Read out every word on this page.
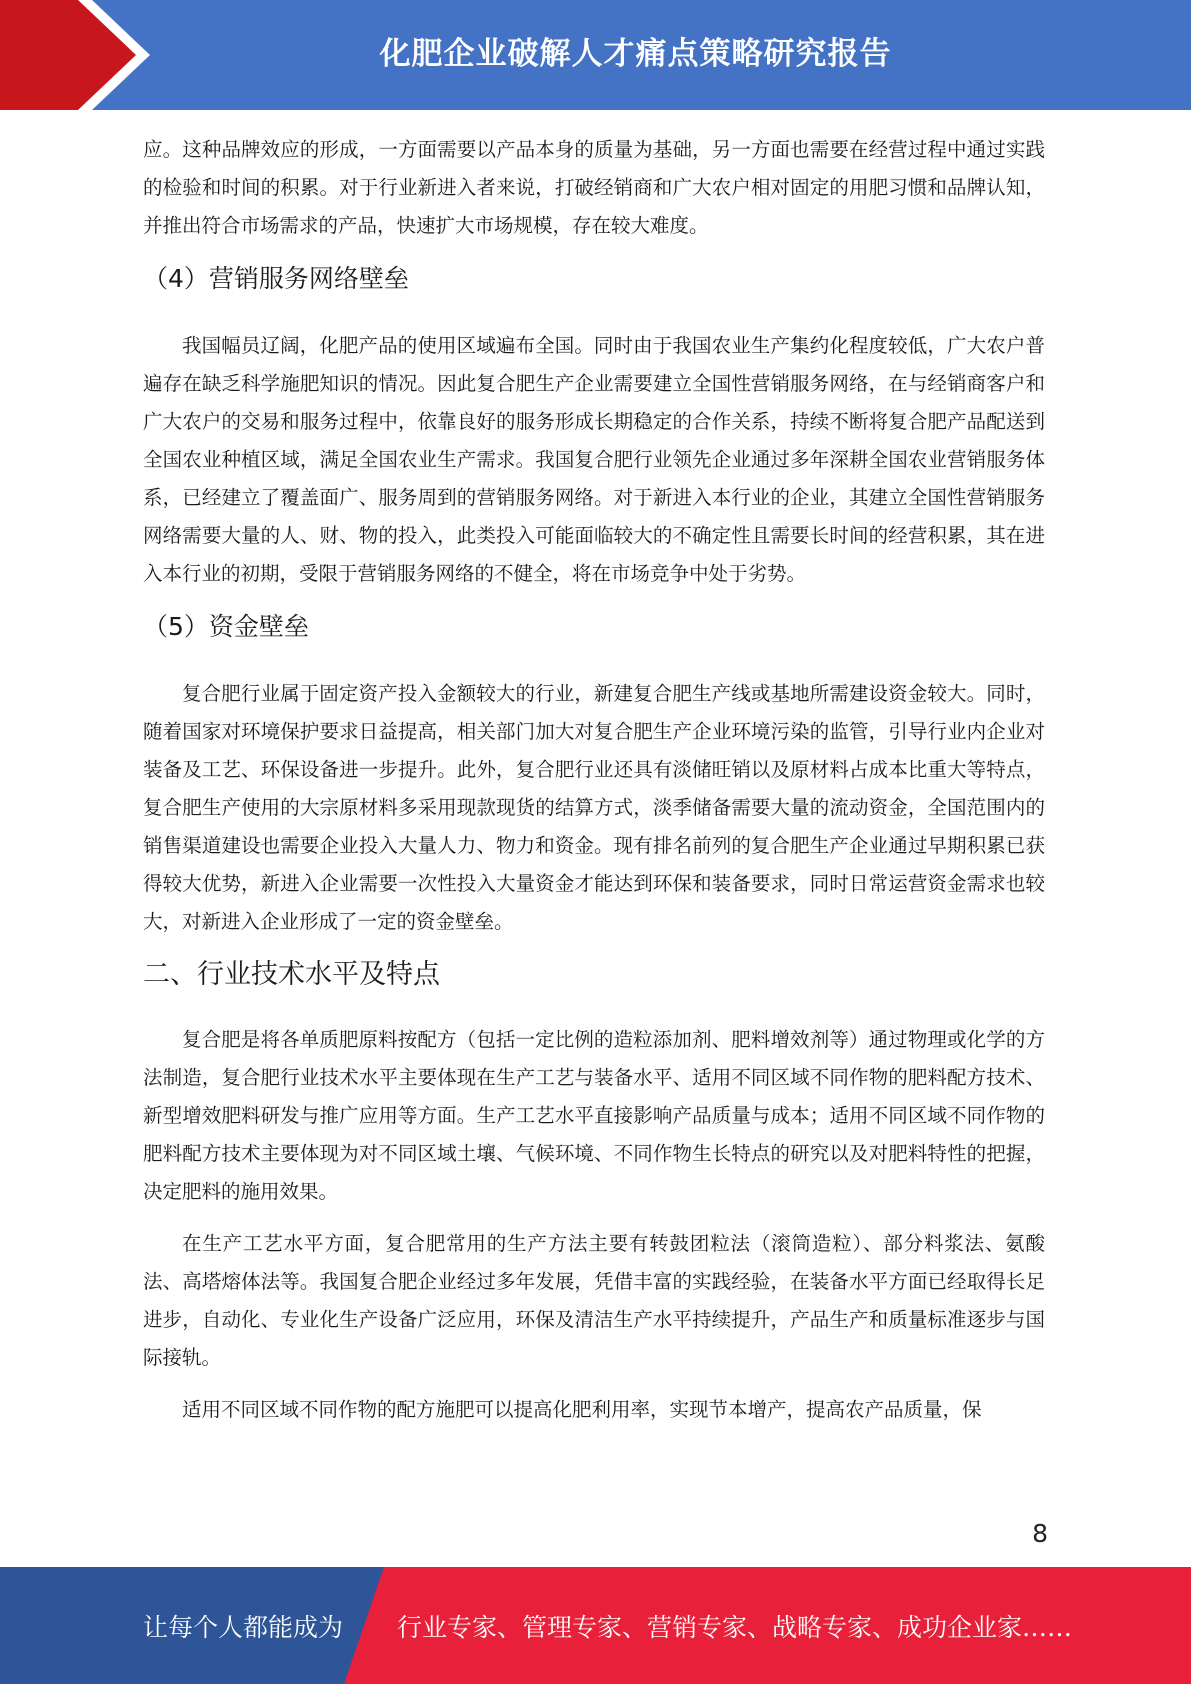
化肥企业破解人才痛点策略研究报告

应。这种品牌效应的形成，一方面需要以产品本身的质量为基础，另一方面也需要在经营过程中通过实践的检验和时间的积累。对于行业新进入者来说，打破经销商和广大农户相对固定的用肥习惯和品牌认知，并推出符合市场需求的产品，快速扩大市场规模，存在较大难度。

（4）营销服务网络壁垒

我国幅员辽阔，化肥产品的使用区域遍布全国。同时由于我国农业生产集约化程度较低，广大农户普遍存在缺乏科学施肥知识的情况。因此复合肥生产企业需要建立全国性营销服务网络，在与经销商客户和广大农户的交易和服务过程中，依靠良好的服务形成长期稳定的合作关系，持续不断将复合肥产品配送到全国农业种植区域，满足全国农业生产需求。我国复合肥行业领先企业通过多年深耕全国农业营销服务体系，已经建立了覆盖面广、服务周到的营销服务网络。对于新进入本行业的企业，其建立全国性营销服务网络需要大量的人、财、物的投入，此类投入可能面临较大的不确定性且需要长时间的经营积累，其在进入本行业的初期，受限于营销服务网络的不健全，将在市场竞争中处于劣势。

（5）资金壁垒

复合肥行业属于固定资产投入金额较大的行业，新建复合肥生产线或基地所需建设资金较大。同时，随着国家对环境保护要求日益提高，相关部门加大对复合肥生产企业环境污染的监管，引导行业内企业对装备及工艺、环保设备进一步提升。此外，复合肥行业还具有淡储旺销以及原材料占成本比重大等特点，复合肥生产使用的大宗原材料多采用现款现货的结算方式，淡季储备需要大量的流动资金，全国范围内的销售渠道建设也需要企业投入大量人力、物力和资金。现有排名前列的复合肥生产企业通过早期积累已获得较大优势，新进入企业需要一次性投入大量资金才能达到环保和装备要求，同时日常运营资金需求也较大，对新进入企业形成了一定的资金壁垒。

二、行业技术水平及特点

复合肥是将各单质肥原料按配方（包括一定比例的造粒添加剂、肥料增效剂等）通过物理或化学的方法制造，复合肥行业技术水平主要体现在生产工艺与装备水平、适用不同区域不同作物的肥料配方技术、新型增效肥料研发与推广应用等方面。生产工艺水平直接影响产品质量与成本；适用不同区域不同作物的肥料配方技术主要体现为对不同区域土壤、气候环境、不同作物生长特点的研究以及对肥料特性的把握，决定肥料的施用效果。

在生产工艺水平方面，复合肥常用的生产方法主要有转鼓团粒法（滚筒造粒）、部分料浆法、氨酸法、高塔熔体法等。我国复合肥企业经过多年发展，凭借丰富的实践经验，在装备水平方面已经取得长足进步，自动化、专业化生产设备广泛应用，环保及清洁生产水平持续提升，产品生产和质量标准逐步与国际接轨。

适用不同区域不同作物的配方施肥可以提高化肥利用率，实现节本增产，提高农产品质量，保

8
让每个人都能成为 行业专家、管理专家、营销专家、战略专家、成功企业家……
